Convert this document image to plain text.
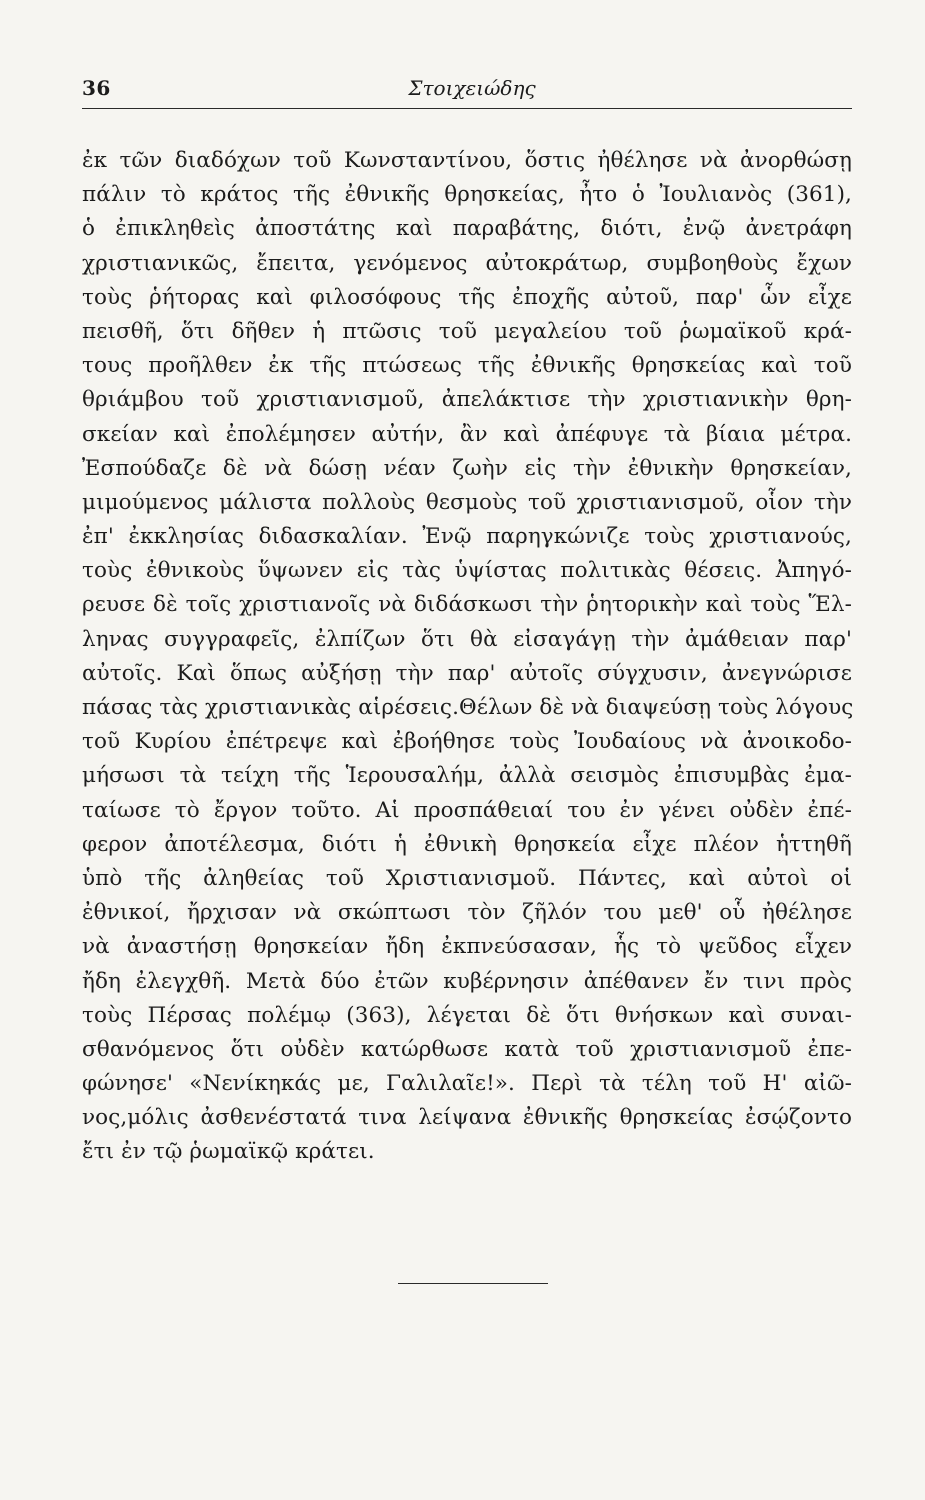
36	Στοιχειώδης
ἐκ τῶν διαδόχων τοῦ Κωνσταντίνου, ὅστις ἠθέλησε νὰ ἀνορθώσῃ
πάλιν τὸ κράτος τῆς ἐθνικῆς θρησκείας, ἦτο ὁ Ἰουλιανὸς (361),
ὁ ἐπικληθεὶς ἀποστάτης καὶ παραβάτης, διότι, ἐνῷ ἀνετράφη
χριστιανικῶς, ἔπειτα, γενόμενος αὐτοκράτωρ, συμβοηθοὺς ἔχων
τοὺς ῥήτορας καὶ φιλοσόφους τῆς ἐποχῆς αὐτοῦ, παρ' ὧν εἶχε
πεισθῆ, ὅτι δῆθεν ἡ πτῶσις τοῦ μεγαλείου τοῦ ῥωμαϊκοῦ κρά-
τους προῆλθεν ἐκ τῆς πτώσεως τῆς ἐθνικῆς θρησκείας καὶ τοῦ
θριάμβου τοῦ χριστιανισμοῦ, ἀπελάκτισε τὴν χριστιανικὴν θρη-
σκείαν καὶ ἐπολέμησεν αὐτήν, ἂν καὶ ἀπέφυγε τὰ βίαια μέτρα.
Ἐσπούδαζε δὲ νὰ δώσῃ νέαν ζωὴν εἰς τὴν ἐθνικὴν θρησκείαν,
μιμούμενος μάλιστα πολλοὺς θεσμοὺς τοῦ χριστιανισμοῦ, οἷον τὴν
ἐπ' ἐκκλησίας διδασκαλίαν. Ἐνῷ παρηγκώνιζε τοὺς χριστιανούς,
τοὺς ἐθνικοὺς ὕψωνεν εἰς τὰς ὑψίστας πολιτικὰς θέσεις. Ἀπηγό-
ρευσε δὲ τοῖς χριστιανοῖς νὰ διδάσκωσι τὴν ῥητορικὴν καὶ τοὺς Ἕλ-
ληνας συγγραφεῖς, ἐλπίζων ὅτι θὰ εἰσαγάγῃ τὴν ἀμάθειαν παρ'
αὐτοῖς. Καὶ ὅπως αὐξήσῃ τὴν παρ' αὐτοῖς σύγχυσιν, ἀνεγνώρισε
πάσας τὰς χριστιανικὰς αἱρέσεις.Θέλων δὲ νὰ διαψεύσῃ τοὺς λόγους
τοῦ Κυρίου ἐπέτρεψε καὶ ἐβοήθησε τοὺς Ἰουδαίους νὰ ἀνοικοδο-
μήσωσι τὰ τείχη τῆς Ἱερουσαλήμ, ἀλλὰ σεισμὸς ἐπισυμβὰς ἐμα-
ταίωσε τὸ ἔργον τοῦτο. Αἱ προσπάθειαί του ἐν γένει οὐδὲν ἐπέ-
φερον ἀποτέλεσμα, διότι ἡ ἐθνικὴ θρησκεία εἶχε πλέον ἡττηθῆ
ὑπὸ τῆς ἀληθείας τοῦ Χριστιανισμοῦ. Πάντες, καὶ αὐτοὶ οἱ
ἐθνικοί, ἤρχισαν νὰ σκώπτωσι τὸν ζῆλόν του μεθ' οὗ ἠθέλησε
νὰ ἀναστήσῃ θρησκείαν ἤδη ἐκπνεύσασαν, ἧς τὸ ψεῦδος εἶχεν
ἤδη ἐλεγχθῆ. Μετὰ δύο ἐτῶν κυβέρνησιν ἀπέθανεν ἔν τινι πρὸς
τοὺς Πέρσας πολέμῳ (363), λέγεται δὲ ὅτι θνήσκων καὶ συναι-
σθανόμενος ὅτι οὐδὲν κατώρθωσε κατὰ τοῦ χριστιανισμοῦ ἐπε-
φώνησε' «Νενίκηκάς με, Γαλιλαῖε!». Περὶ τὰ τέλη τοῦ Η' αἰῶ-
νος,μόλις ἀσθενέστατά τινα λείψανα ἐθνικῆς θρησκείας ἐσῴζοντο
ἔτι ἐν τῷ ῥωμαϊκῷ κράτει.
